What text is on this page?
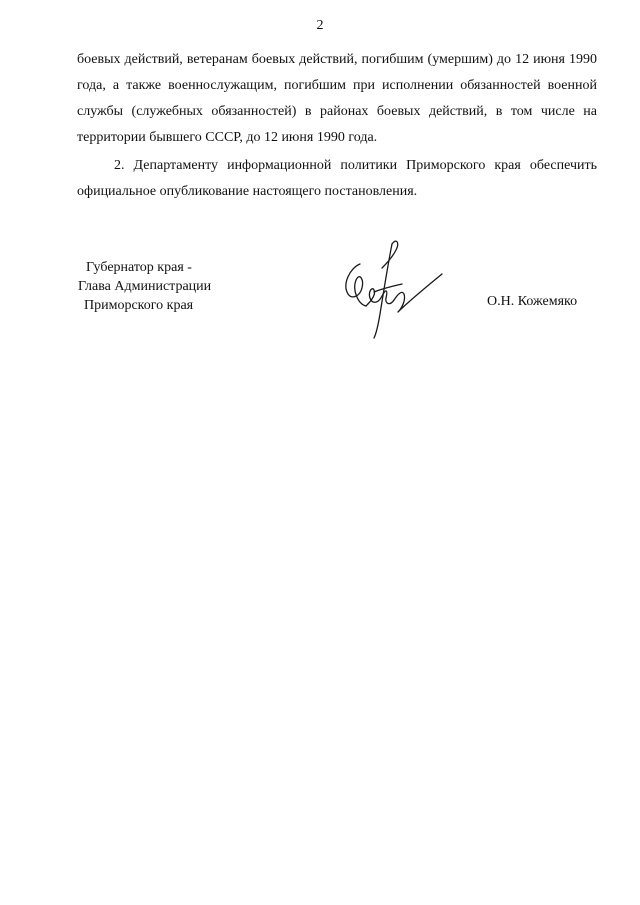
2

боевых действий, ветеранам боевых действий, погибшим (умершим) до 12 июня 1990 года, а также военнослужащим, погибшим при исполнении обязанностей военной службы (служебных обязанностей) в районах боевых действий, в том числе на территории бывшего СССР, до 12 июня 1990 года.

2. Департаменту информационной политики Приморского края обеспечить официальное опубликование настоящего постановления.

Губернатор края -
Глава Администрации
Приморского края	О.Н. Кожемяко
